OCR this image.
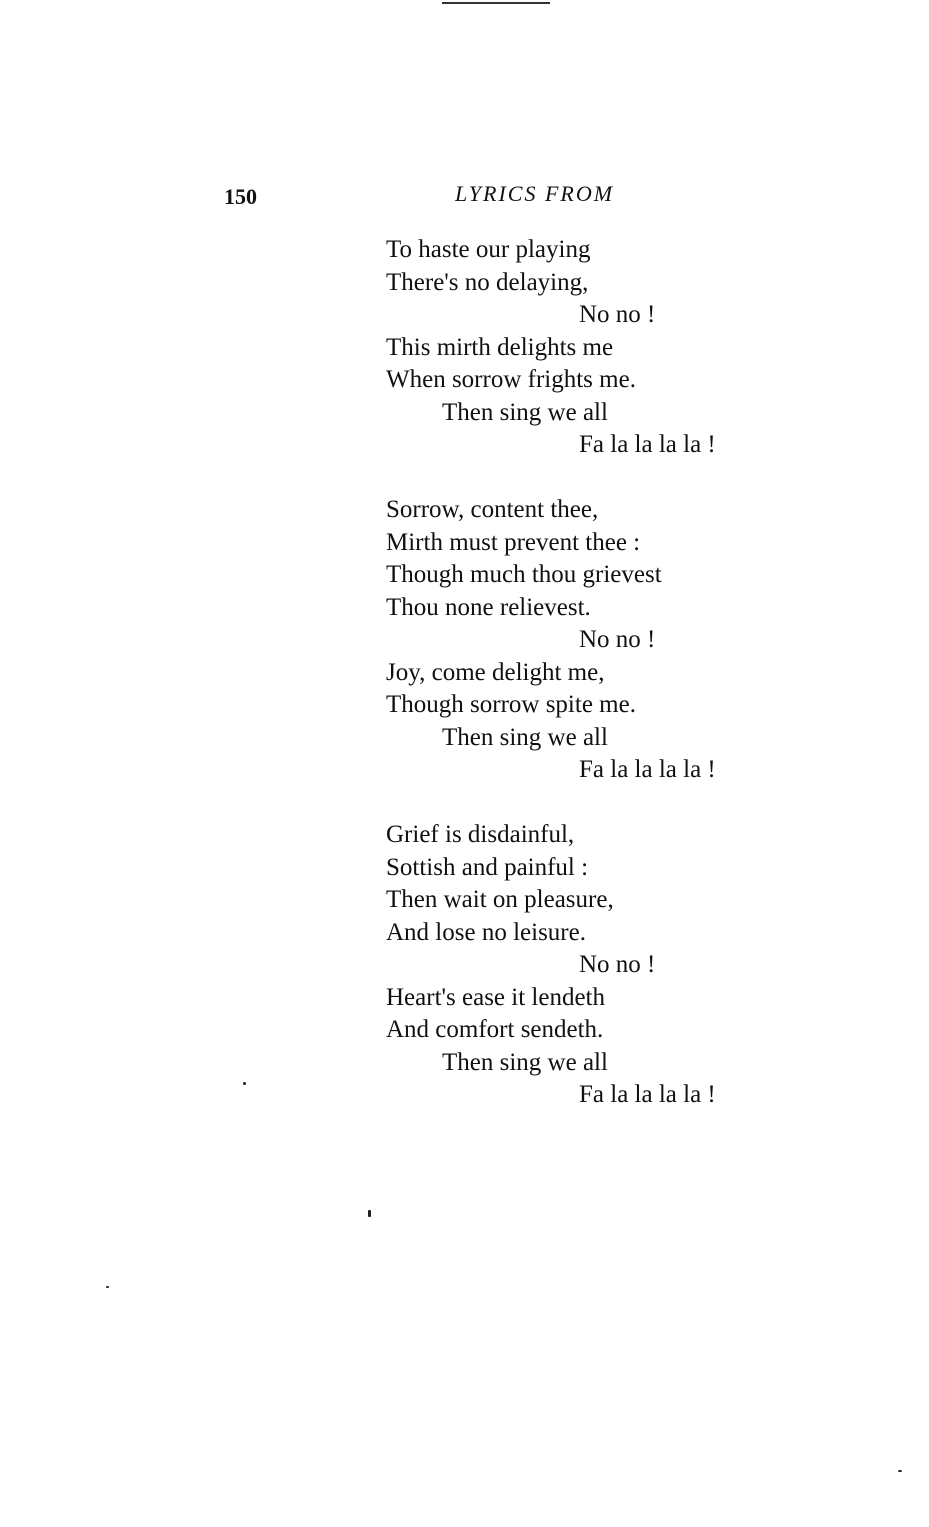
150	LYRICS FROM
To haste our playing
There's no delaying,
No no !
This mirth delights me
When sorrow frights me.
Then sing we all
Fa la la la la !
Sorrow, content thee,
Mirth must prevent thee :
Though much thou grievest
Thou none relievest.
No no !
Joy, come delight me,
Though sorrow spite me.
Then sing we all
Fa la la la la !
Grief is disdainful,
Sottish and painful :
Then wait on pleasure,
And lose no leisure.
No no !
Heart's ease it lendeth
And comfort sendeth.
Then sing we all
Fa la la la la !
